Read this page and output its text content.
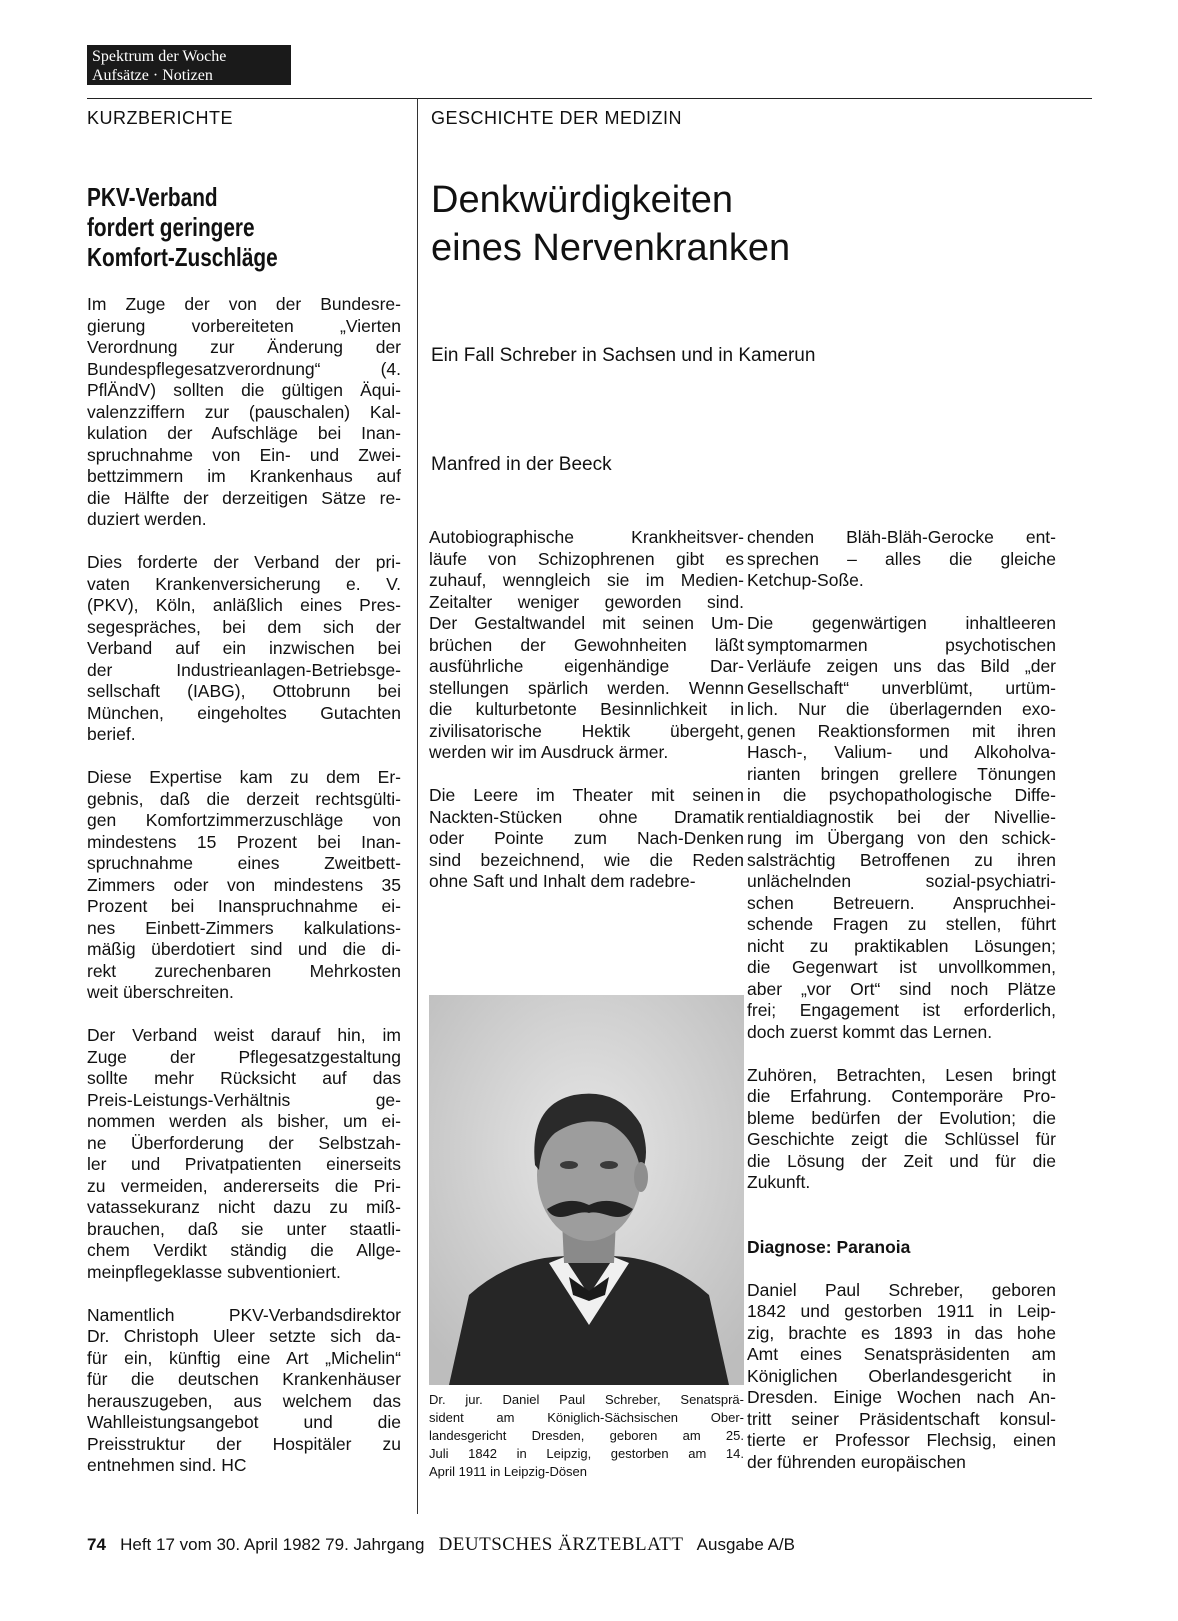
Spektrum der Woche
Aufsätze · Notizen
KURZBERICHTE	GESCHICHTE DER MEDIZIN
PKV-Verband
fordert geringere
Komfort-Zuschläge
Denkwürdigkeiten
eines Nervenkranken
Ein Fall Schreber in Sachsen und in Kamerun
Manfred in der Beeck

Im Zuge der von der Bundesre-
gierung vorbereiteten „Vierten
Verordnung zur Änderung der
Bundespflegesatzverordnung“ (4.
PflÄndV) sollten die gültigen Äqui-
valenzziffern zur (pauschalen) Kal-
kulation der Aufschläge bei Inan-
spruchnahme von Ein- und Zwei-
bettzimmern im Krankenhaus auf
die Hälfte der derzeitigen Sätze re-
duziert werden.

Dies forderte der Verband der pri-
vaten Krankenversicherung e. V.
(PKV), Köln, anläßlich eines Pres-
segespräches, bei dem sich der
Verband auf ein inzwischen bei
der Industrieanlagen-Betriebsge-
sellschaft (IABG), Ottobrunn bei
München, eingeholtes Gutachten
berief.

Diese Expertise kam zu dem Er-
gebnis, daß die derzeit rechtsgülti-
gen Komfortzimmerzuschläge von
mindestens 15 Prozent bei Inan-
spruchnahme eines Zweitbett-
Zimmers oder von mindestens 35
Prozent bei Inanspruchnahme ei-
nes Einbett-Zimmers kalkulations-
mäßig überdotiert sind und die di-
rekt zurechenbaren Mehrkosten
weit überschreiten.

Der Verband weist darauf hin, im
Zuge der Pflegesatzgestaltung
sollte mehr Rücksicht auf das
Preis-Leistungs-Verhältnis ge-
nommen werden als bisher, um ei-
ne Überforderung der Selbstzah-
ler und Privatpatienten einerseits
zu vermeiden, andererseits die Pri-
vatassekuranz nicht dazu zu miß-
brauchen, daß sie unter staatli-
chem Verdikt ständig die Allge-
meinpflegeklasse subventioniert.

Namentlich PKV-Verbandsdirektor
Dr. Christoph Uleer setzte sich da-
für ein, künftig eine Art „Michelin“
für die deutschen Krankenhäuser
herauszugeben, aus welchem das
Wahlleistungsangebot und die
Preisstruktur der Hospitäler zu
entnehmen sind. HC

Autobiographische Krankheitsver-
läufe von Schizophrenen gibt es
zuhauf, wenngleich sie im Medien-
Zeitalter weniger geworden sind.
Der Gestaltwandel mit seinen Um-
brüchen der Gewohnheiten läßt
ausführliche eigenhändige Dar-
stellungen spärlich werden. Wennn
die kulturbetonte Besinnlichkeit in
zivilisatorische Hektik übergeht,
werden wir im Ausdruck ärmer.

Die Leere im Theater mit seinen
Nackten-Stücken ohne Dramatik
oder Pointe zum Nach-Denken
sind bezeichnend, wie die Reden
ohne Saft und Inhalt dem radebre-

Dr. jur. Daniel Paul Schreber, Senatsprä-
sident am Königlich-Sächsischen Ober-
landesgericht Dresden, geboren am 25.
Juli 1842 in Leipzig, gestorben am 14.
April 1911 in Leipzig-Dösen

chenden Bläh-Bläh-Gerocke ent-
sprechen – alles die gleiche
Ketchup-Soße.

Die gegenwärtigen inhaltleeren
symptomarmen psychotischen
Verläufe zeigen uns das Bild „der
Gesellschaft“ unverblümt, urtüm-
lich. Nur die überlagernden exo-
genen Reaktionsformen mit ihren
Hasch-, Valium- und Alkoholva-
rianten bringen grellere Tönungen
in die psychopathologische Diffe-
rentialdiagnostik bei der Nivellie-
rung im Übergang von den schick-
salsträchtig Betroffenen zu ihren
unlächelnden sozial-psychiatri-
schen Betreuern. Anspruchhei-
schende Fragen zu stellen, führt
nicht zu praktikablen Lösungen;
die Gegenwart ist unvollkommen,
aber „vor Ort“ sind noch Plätze
frei; Engagement ist erforderlich,
doch zuerst kommt das Lernen.

Zuhören, Betrachten, Lesen bringt
die Erfahrung. Contemporäre Pro-
bleme bedürfen der Evolution; die
Geschichte zeigt die Schlüssel für
die Lösung der Zeit und für die
Zukunft.

Diagnose: Paranoia

Daniel Paul Schreber, geboren
1842 und gestorben 1911 in Leip-
zig, brachte es 1893 in das hohe
Amt eines Senatspräsidenten am
Königlichen Oberlandesgericht in
Dresden. Einige Wochen nach An-
tritt seiner Präsidentschaft konsul-
tierte er Professor Flechsig, einen
der führenden europäischen

74 Heft 17 vom 30. April 1982 79. Jahrgang DEUTSCHES ÄRZTEBLATT Ausgabe A/B
